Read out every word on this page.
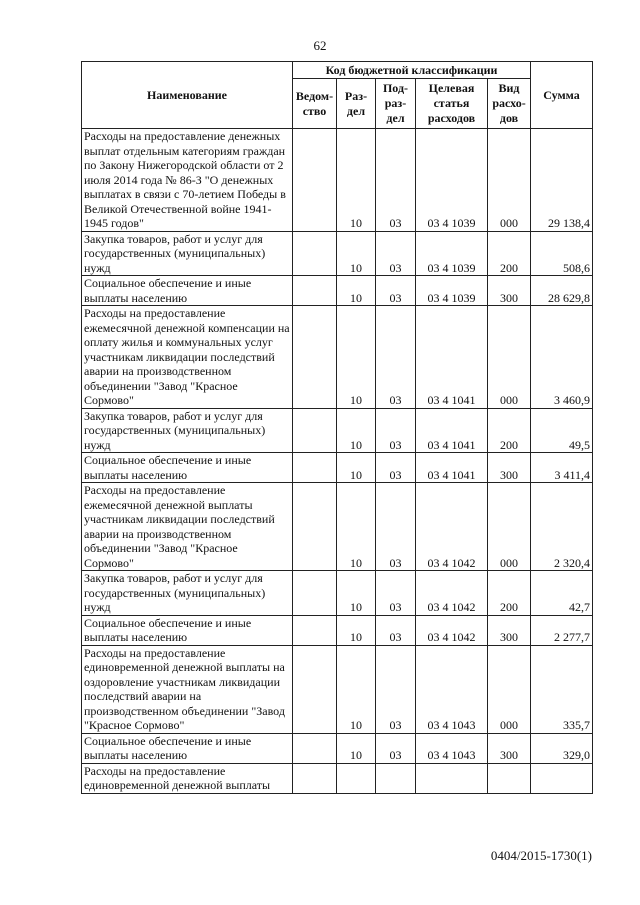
62
Наименование	Код бюджетной классификации					Сумма
	Ведом-ство	Раз-дел	Под-раз-дел	Целевая статья расходов	Вид расхо-дов	
Расходы на предоставление денежных выплат отдельным категориям граждан по Закону Нижегородской области от 2 июля 2014 года № 86-З "О денежных выплатах в связи с 70-летием Победы в Великой Отечественной войне 1941-1945 годов"		10	03	03 4 1039	000	29 138,4
Закупка товаров, работ и услуг для государственных (муниципальных) нужд		10	03	03 4 1039	200	508,6
Социальное обеспечение и иные выплаты населению		10	03	03 4 1039	300	28 629,8
Расходы на предоставление ежемесячной денежной компенсации на оплату жилья и коммунальных услуг участникам ликвидации последствий аварии на производственном объединении "Завод "Красное Сормово"		10	03	03 4 1041	000	3 460,9
Закупка товаров, работ и услуг для государственных (муниципальных) нужд		10	03	03 4 1041	200	49,5
Социальное обеспечение и иные выплаты населению		10	03	03 4 1041	300	3 411,4
Расходы на предоставление ежемесячной денежной выплаты участникам ликвидации последствий аварии на производственном объединении "Завод "Красное Сормово"		10	03	03 4 1042	000	2 320,4
Закупка товаров, работ и услуг для государственных (муниципальных) нужд		10	03	03 4 1042	200	42,7
Социальное обеспечение и иные выплаты населению		10	03	03 4 1042	300	2 277,7
Расходы на предоставление единовременной денежной выплаты на оздоровление участникам ликвидации последствий аварии на производственном объединении "Завод "Красное Сормово"		10	03	03 4 1043	000	335,7
Социальное обеспечение и иные выплаты населению		10	03	03 4 1043	300	329,0
Расходы на предоставление единовременной денежной выплаты						
0404/2015-1730(1)
